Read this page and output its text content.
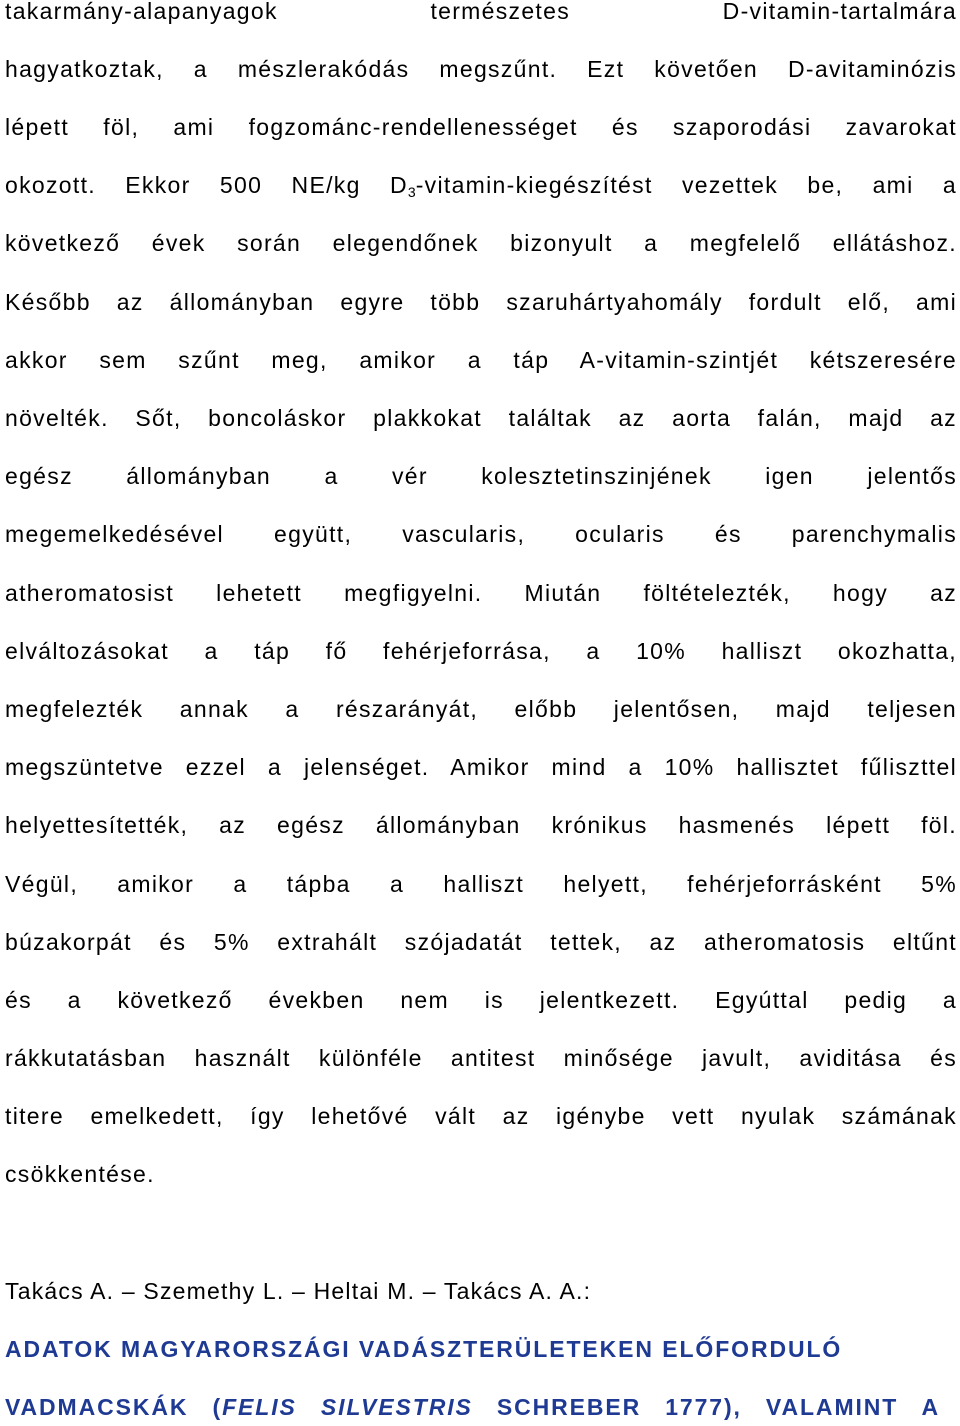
takarmány-alapanyagok természetes D-vitamin-tartalmára
hagyatkoztak, a mészlerakódás megszűnt. Ezt követően D-avitaminózis
lépett föl, ami fogzománc-rendellenességet és szaporodási zavarokat
okozott. Ekkor 500 NE/kg D3-vitamin-kiegészítést vezettek be, ami a
következő évek során elegendőnek bizonyult a megfelelő ellátáshoz.
Később az állományban egyre több szaruhártyahomály fordult elő, ami
akkor sem szűnt meg, amikor a táp A-vitamin-szintjét kétszeresére
növelték. Sőt, boncoláskor plakkokat találtak az aorta falán, majd az
egész állományban a vér kolesztetinszinjének igen jelentős
megemelkedésével együtt, vascularis, ocularis és parenchymalis
atheromatosist lehetett megfigyelni. Miután föltételezték, hogy az
elváltozásokat a táp fő fehérjeforrása, a 10% halliszt okozhatta,
megfelezték annak a részarányát, előbb jelentősen, majd teljesen
megszüntetve ezzel a jelenséget. Amikor mind a 10% hallisztet fűliszttel
helyettesítették, az egész állományban krónikus hasmenés lépett föl.
Végül, amikor a tápba a halliszt helyett, fehérjeforrásként 5%
búzakorpát és 5% extrahált szójadatát tettek, az atheromatosis eltűnt
és a következő években nem is jelentkezett. Egyúttal pedig a
rákkutatásban használt különféle antitest minősége javult, aviditása és
titere emelkedett, így lehetővé vált az igénybe vett nyulak számának
csökkentése.
Takács A. – Szemethy L. – Heltai M. – Takács A. A.:
ADATOK MAGYARORSZÁGI VADÁSZTERÜLETEKEN ELŐFORDULÓ
VADMACSKÁK (FELIS SILVESTRIS SCHREBER 1777), VALAMINT A
